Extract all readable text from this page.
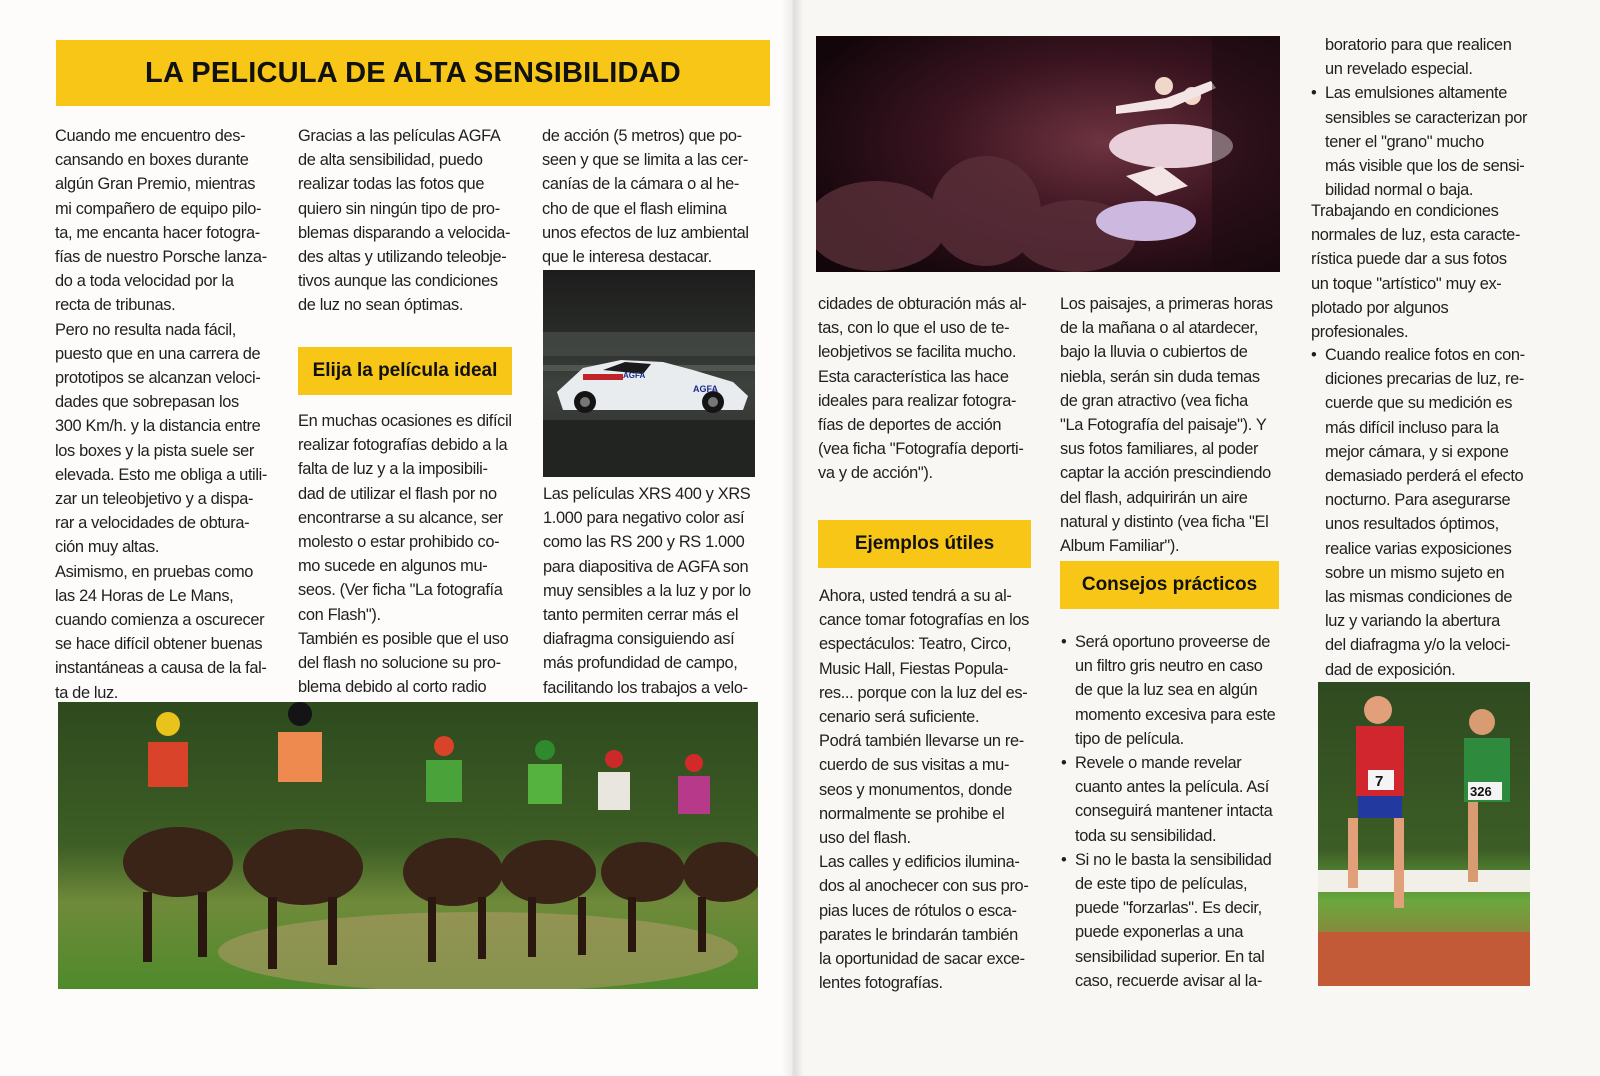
LA PELICULA DE ALTA SENSIBILIDAD
Cuando me encuentro des-
cansando en boxes durante
algún Gran Premio, mientras
mi compañero de equipo pilo-
ta, me encanta hacer fotogra-
fías de nuestro Porsche lanza-
do a toda velocidad por la
recta de tribunas.
Pero no resulta nada fácil,
puesto que en una carrera de
prototipos se alcanzan veloci-
dades que sobrepasan los
300 Km/h. y la distancia entre
los boxes y la pista suele ser
elevada. Esto me obliga a utili-
zar un teleobjetivo y a dispa-
rar a velocidades de obtura-
ción muy altas.
Asimismo, en pruebas como
las 24 Horas de Le Mans,
cuando comienza a oscurecer
se hace difícil obtener buenas
instantáneas a causa de la fal-
ta de luz.
Gracias a las películas AGFA
de alta sensibilidad, puedo
realizar todas las fotos que
quiero sin ningún tipo de pro-
blemas disparando a velocida-
des altas y utilizando teleobje-
tivos aunque las condiciones
de luz no sean óptimas.
Elija la película ideal
En muchas ocasiones es difícil
realizar fotografías debido a la
falta de luz y a la imposibili-
dad de utilizar el flash por no
encontrarse a su alcance, ser
molesto o estar prohibido co-
mo sucede en algunos mu-
seos. (Ver ficha "La fotografía
con Flash").
También es posible que el uso
del flash no solucione su pro-
blema debido al corto radio
de acción (5 metros) que po-
seen y que se limita a las cer-
canías de la cámara o al he-
cho de que el flash elimina
unos efectos de luz ambiental
que le interesa destacar.
Las películas XRS 400 y XRS
1.000 para negativo color así
como las RS 200 y RS 1.000
para diapositiva de AGFA son
muy sensibles a la luz y por lo
tanto permiten cerrar más el
diafragma consiguiendo así
más profundidad de campo,
facilitando los trabajos a velo-
AGFA
AGFA
cidades de obturación más al-
tas, con lo que el uso de te-
leobjetivos se facilita mucho.
Esta característica las hace
ideales para realizar fotogra-
fías de deportes de acción
(vea ficha "Fotografía deporti-
va y de acción").
Ejemplos útiles
Ahora, usted tendrá a su al-
cance tomar fotografías en los
espectáculos: Teatro, Circo,
Music Hall, Fiestas Popula-
res... porque con la luz del es-
cenario será suficiente.
Podrá también llevarse un re-
cuerdo de sus visitas a mu-
seos y monumentos, donde
normalmente se prohibe el
uso del flash.
Las calles y edificios ilumina-
dos al anochecer con sus pro-
pias luces de rótulos o esca-
parates le brindarán también
la oportunidad de sacar exce-
lentes fotografías.
Los paisajes, a primeras horas
de la mañana o al atardecer,
bajo la lluvia o cubiertos de
niebla, serán sin duda temas
de gran atractivo (vea ficha
"La Fotografía del paisaje"). Y
sus fotos familiares, al poder
captar la acción prescindiendo
del flash, adquirirán un aire
natural y distinto (vea ficha "El
Album Familiar").
Consejos prácticos
• Será oportuno proveerse de
un filtro gris neutro en caso
de que la luz sea en algún
momento excesiva para este
tipo de película.
• Revele o mande revelar
cuanto antes la película. Así
conseguirá mantener intacta
toda su sensibilidad.
• Si no le basta la sensibilidad
de este tipo de películas,
puede "forzarlas". Es decir,
puede exponerlas a una
sensibilidad superior. En tal
caso, recuerde avisar al la-
boratorio para que realicen
un revelado especial.
• Las emulsiones altamente
sensibles se caracterizan por
tener el "grano" mucho
más visible que los de sensi-
bilidad normal o baja.
Trabajando en condiciones
normales de luz, esta caracte-
rística puede dar a sus fotos
un toque "artístico" muy ex-
plotado por algunos
profesionales.
• Cuando realice fotos en con-
diciones precarias de luz, re-
cuerde que su medición es
más difícil incluso para la
mejor cámara, y si expone
demasiado perderá el efecto
nocturno. Para asegurarse
unos resultados óptimos,
realice varias exposiciones
sobre un mismo sujeto en
las mismas condiciones de
luz y variando la abertura
del diafragma y/o la veloci-
dad de exposición.
7
326
